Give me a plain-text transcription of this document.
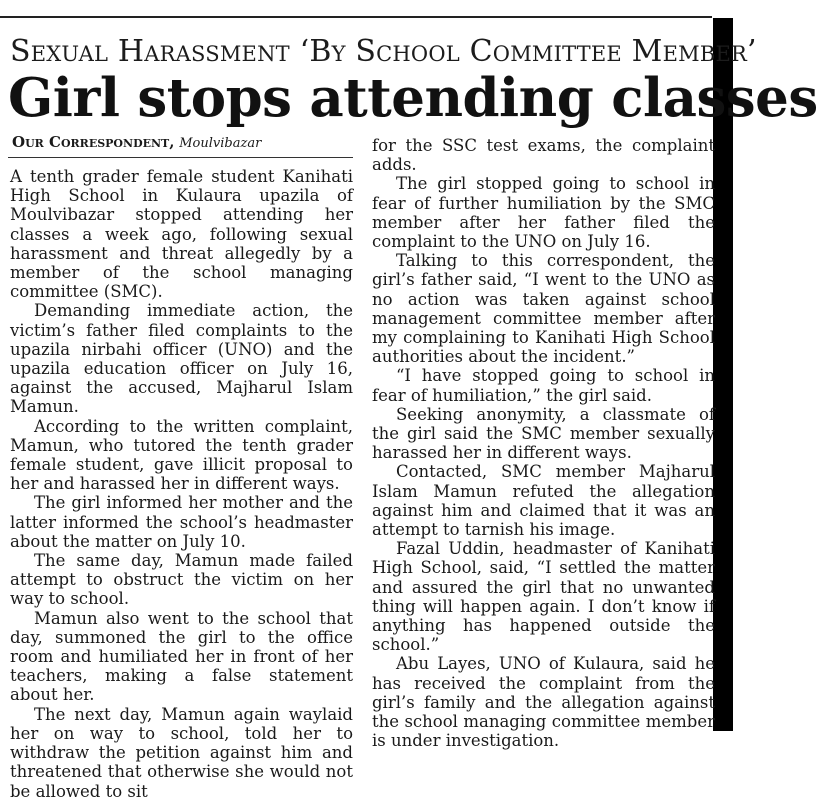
Sexual Harassment ‘By School Committee Member’
Girl stops attending classes
Our Correspondent, Moulvibazar

A tenth grader female student Kanihati High School in Kulaura upazila of Moulvibazar stopped attending her classes a week ago, following sexual harassment and threat allegedly by a member of the school managing committee (SMC).

Demanding immediate action, the victim’s father filed complaints to the upazila nirbahi officer (UNO) and the upazila education officer on July 16, against the accused, Majharul Islam Mamun.

According to the written complaint, Mamun, who tutored the tenth grader female student, gave illicit proposal to her and harassed her in different ways.

The girl informed her mother and the latter informed the school’s headmaster about the matter on July 10.

The same day, Mamun made failed attempt to obstruct the victim on her way to school.

Mamun also went to the school that day, summoned the girl to the office room and humiliated her in front of her teachers, making a false statement about her.

The next day, Mamun again waylaid her on way to school, told her to withdraw the petition against him and threatened that otherwise she would not be allowed to sit

for the SSC test exams, the complaint adds.

The girl stopped going to school in fear of further humiliation by the SMC member after her father filed the complaint to the UNO on July 16.

Talking to this correspondent, the girl’s father said, “I went to the UNO as no action was taken against school management committee member after my complaining to Kanihati High School authorities about the incident.”

“I have stopped going to school in fear of humiliation,” the girl said.

Seeking anonymity, a classmate of the girl said the SMC member sexually harassed her in different ways.

Contacted, SMC member Majharul Islam Mamun refuted the allegation against him and claimed that it was an attempt to tarnish his image.

Fazal Uddin, headmaster of Kanihati High School, said, “I settled the matter and assured the girl that no unwanted thing will happen again. I don’t know if anything has happened outside the school.”

Abu Layes, UNO of Kulaura, said he has received the complaint from the girl’s family and the allegation against the school managing committee member is under investigation.
